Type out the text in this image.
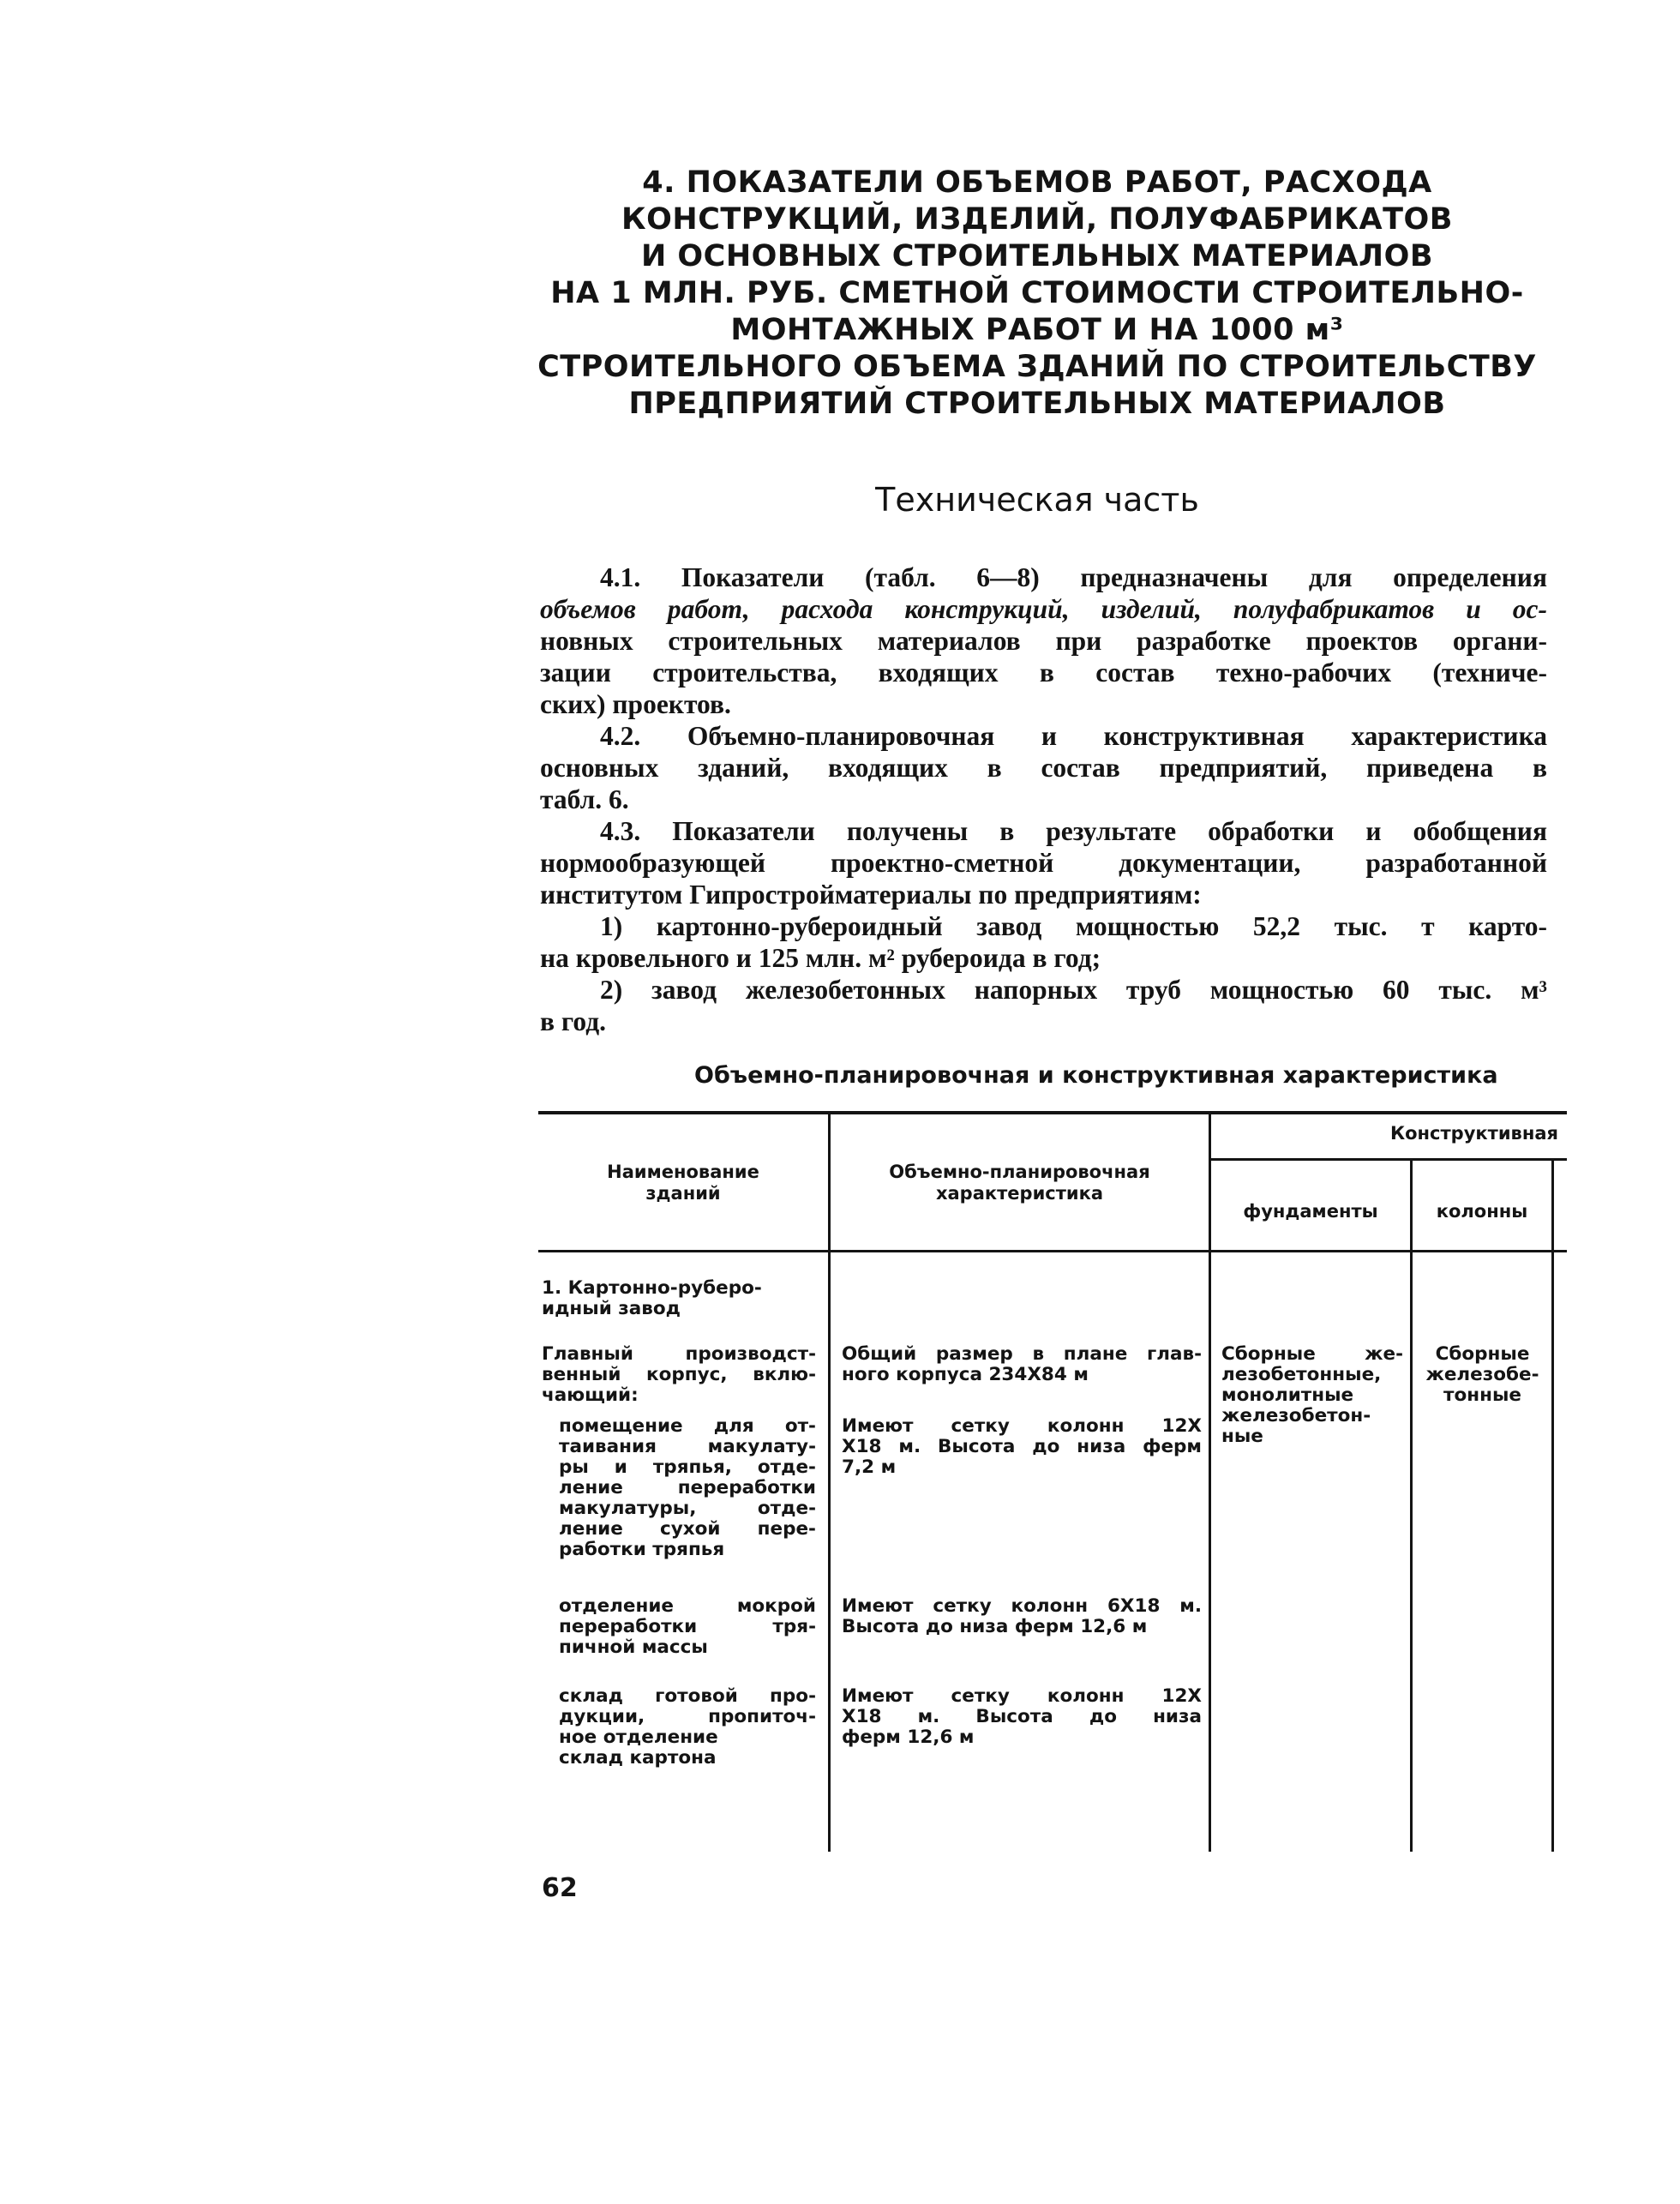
4. ПОКАЗАТЕЛИ ОБЪЕМОВ РАБОТ, РАСХОДА
КОНСТРУКЦИЙ, ИЗДЕЛИЙ, ПОЛУФАБРИКАТОВ
И ОСНОВНЫХ СТРОИТЕЛЬНЫХ МАТЕРИАЛОВ
НА 1 МЛН. РУБ. СМЕТНОЙ СТОИМОСТИ СТРОИТЕЛЬНО-
МОНТАЖНЫХ РАБОТ И НА 1000 м³
СТРОИТЕЛЬНОГО ОБЪЕМА ЗДАНИЙ ПО СТРОИТЕЛЬСТВУ
ПРЕДПРИЯТИЙ СТРОИТЕЛЬНЫХ МАТЕРИАЛОВ
Техническая часть
4.1. Показатели (табл. 6—8) предназначены для определения
объемов работ, расхода конструкций, изделий, полуфабрикатов и ос-
новных строительных материалов при разработке проектов органи-
зации строительства, входящих в состав техно-рабочих (техниче-
ских) проектов.
4.2. Объемно-планировочная и конструктивная характеристика
основных зданий, входящих в состав предприятий, приведена в
табл. 6.
4.3. Показатели получены в результате обработки и обобщения
нормообразующей проектно-сметной документации, разработанной
институтом Гипростройматериалы по предприятиям:
1) картонно-рубероидный завод мощностью 52,2 тыс. т карто-
на кровельного и 125 млн. м² рубероида в год;
2) завод железобетонных напорных труб мощностью 60 тыс. м³
в год.
Объемно-планировочная и конструктивная характеристика
Наименование
зданий
Объемно-планировочная
характеристика
Конструктивная
фундаменты	колонны
1. Картонно-руберо-
идный завод
Главный производст-
венный корпус, вклю-
чающий:
Общий размер в плане глав-
ного корпуса 234Х84 м
Сборные же-
лезобетонные,
монолитные
железобетон-
ные
Сборные
железобе-
тонные
помещение для от-
таивания макулату-
ры и тряпья, отде-
ление переработки
макулатуры, отде-
ление сухой пере-
работки тряпья
Имеют сетку колонн 12Х
Х18 м. Высота до низа ферм
7,2 м
отделение мокрой
переработки тря-
пичной массы
Имеют сетку колонн 6Х18 м.
Высота до низа ферм 12,6 м
склад готовой про-
дукции, пропиточ-
ное отделение
склад картона
Имеют сетку колонн 12Х
Х18 м. Высота до низа
ферм 12,6 м
62
